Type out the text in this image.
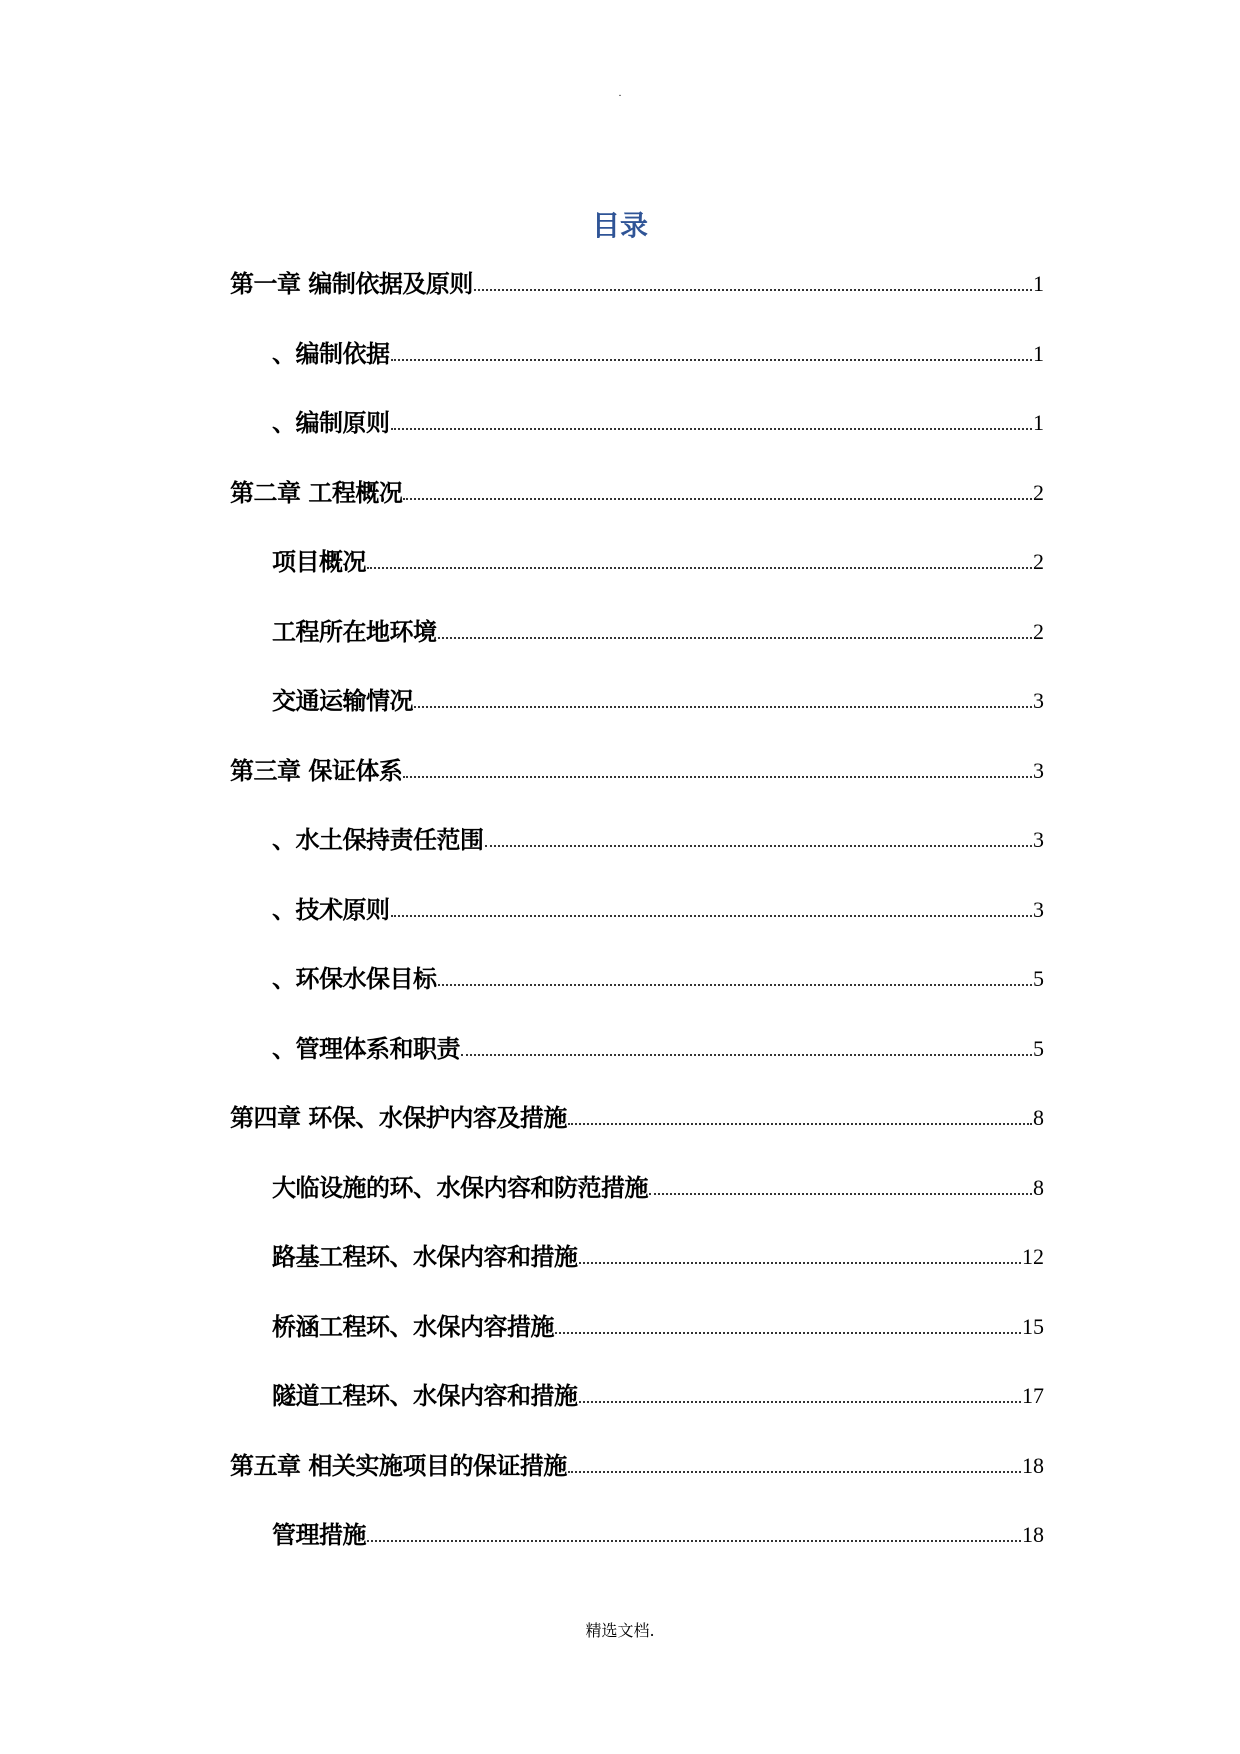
.
目录
第一章 编制依据及原则	1
、编制依据	1
、编制原则	1
第二章 工程概况	2
项目概况	2
工程所在地环境	2
交通运输情况	3
第三章 保证体系	3
、水土保持责任范围	3
、技术原则	3
、环保水保目标	5
、管理体系和职责	5
第四章 环保、水保护内容及措施	8
大临设施的环、水保内容和防范措施	8
路基工程环、水保内容和措施	12
桥涵工程环、水保内容措施	15
隧道工程环、水保内容和措施	17
第五章 相关实施项目的保证措施	18
管理措施	18
精选文档.
